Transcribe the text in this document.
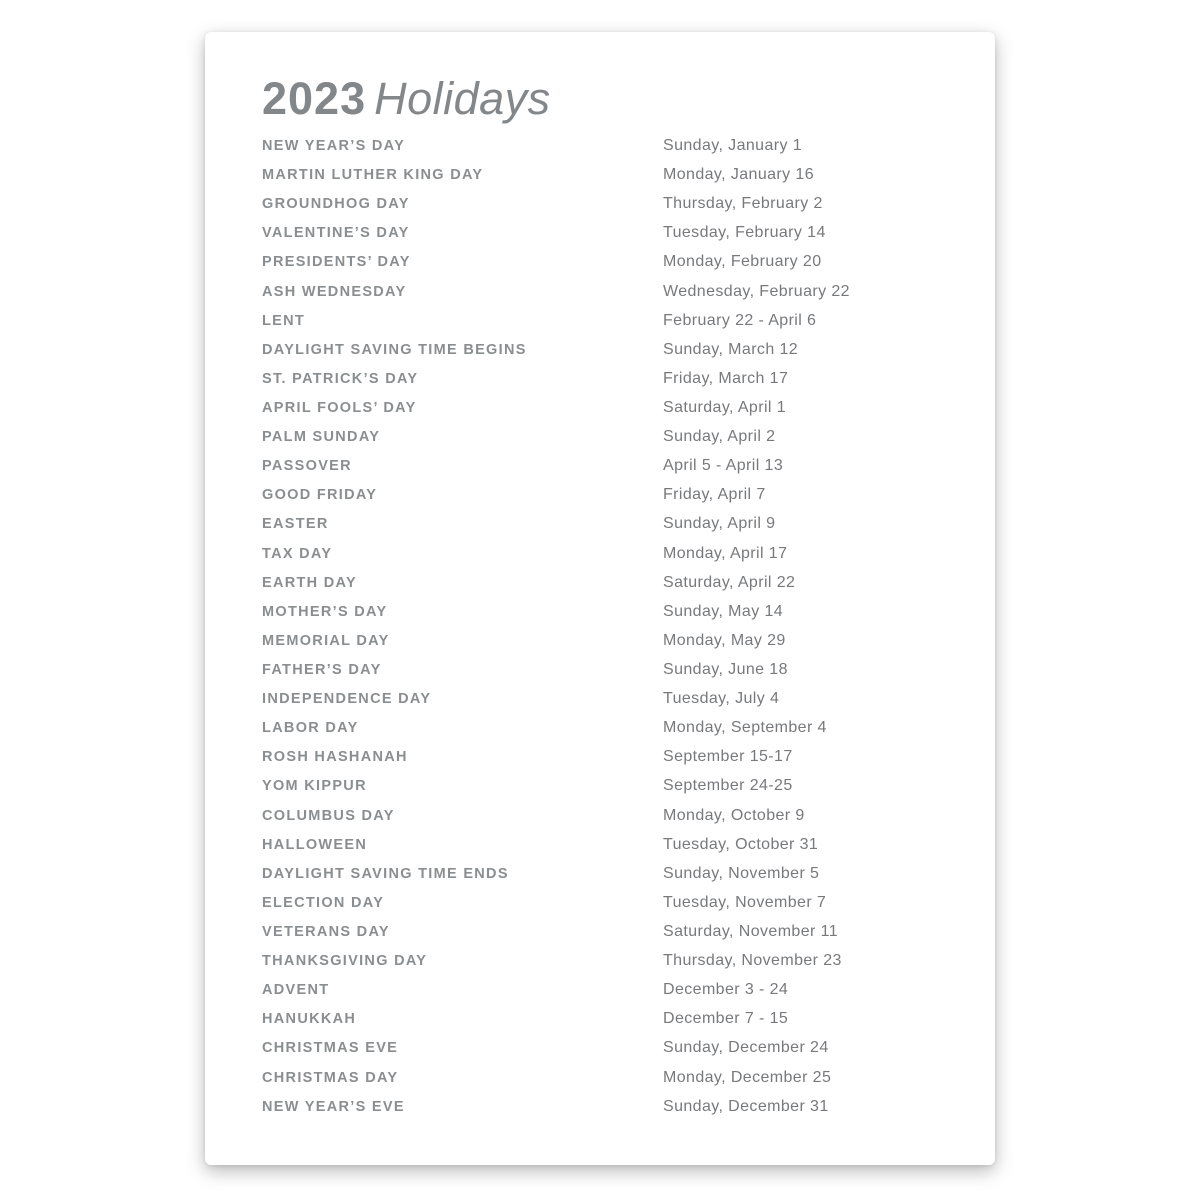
2023 Holidays
NEW YEAR’S DAY	Sunday, January 1
MARTIN LUTHER KING DAY	Monday, January 16
GROUNDHOG DAY	Thursday, February 2
VALENTINE’S DAY	Tuesday, February 14
PRESIDENTS’ DAY	Monday, February 20
ASH WEDNESDAY	Wednesday, February 22
LENT	February 22 - April 6
DAYLIGHT SAVING TIME BEGINS	Sunday, March 12
ST. PATRICK’S DAY	Friday, March 17
APRIL FOOLS’ DAY	Saturday, April 1
PALM SUNDAY	Sunday, April 2
PASSOVER	April 5 - April 13
GOOD FRIDAY	Friday, April 7
EASTER	Sunday, April 9
TAX DAY	Monday, April 17
EARTH DAY	Saturday, April 22
MOTHER’S DAY	Sunday, May 14
MEMORIAL DAY	Monday, May 29
FATHER’S DAY	Sunday, June 18
INDEPENDENCE DAY	Tuesday, July 4
LABOR DAY	Monday, September 4
ROSH HASHANAH	September 15-17
YOM KIPPUR	September 24-25
COLUMBUS DAY	Monday, October 9
HALLOWEEN	Tuesday, October 31
DAYLIGHT SAVING TIME ENDS	Sunday, November 5
ELECTION DAY	Tuesday, November 7
VETERANS DAY	Saturday, November 11
THANKSGIVING DAY	Thursday, November 23
ADVENT	December 3 - 24
HANUKKAH	December 7 - 15
CHRISTMAS EVE	Sunday, December 24
CHRISTMAS DAY	Monday, December 25
NEW YEAR’S EVE	Sunday, December 31
